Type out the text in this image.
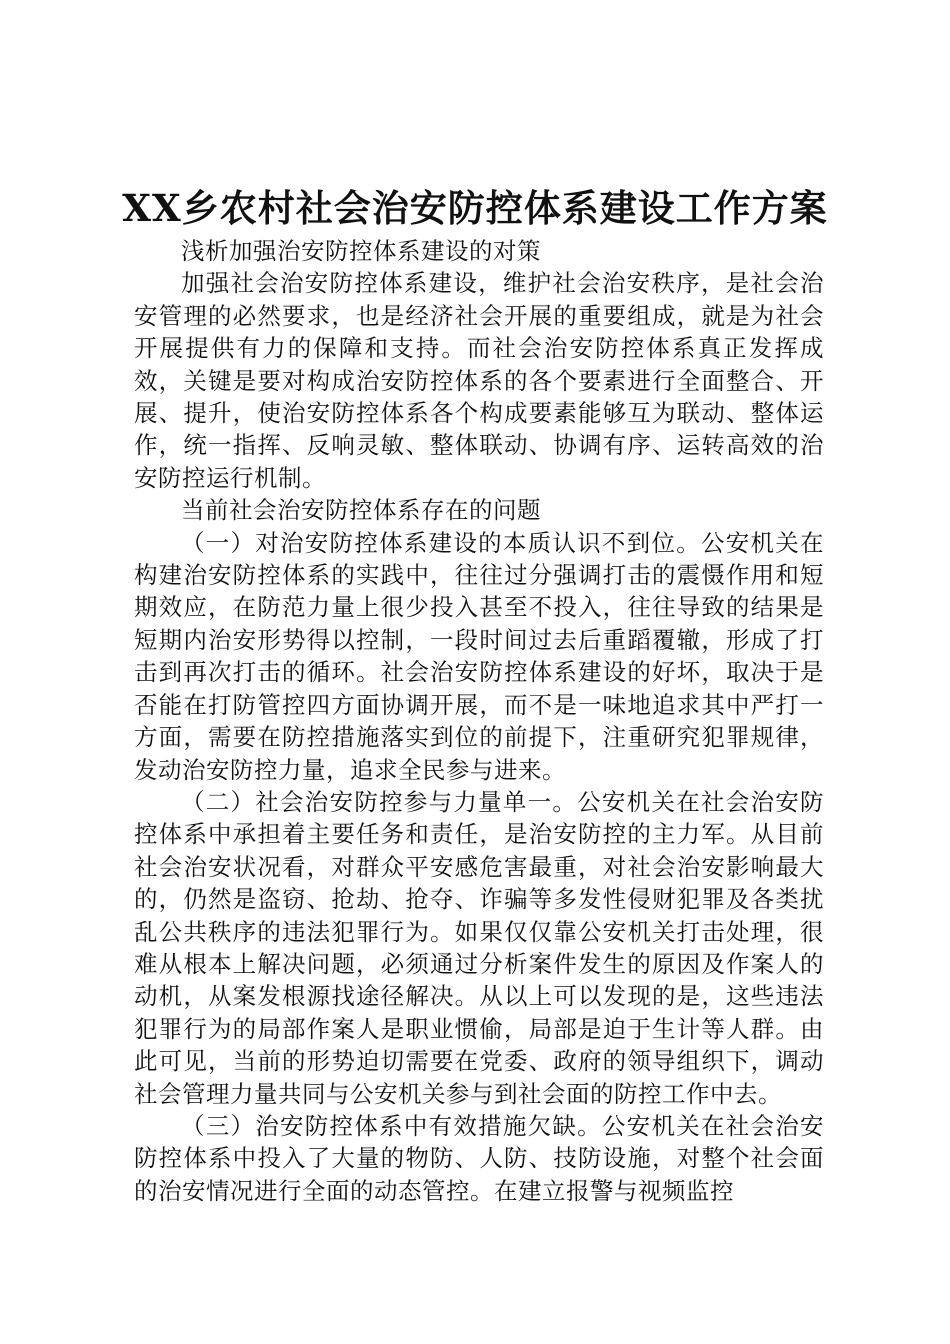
XX乡农村社会治安防控体系建设工作方案

浅析加强治安防控体系建设的对策

加强社会治安防控体系建设，维护社会治安秩序，是社会治安管理的必然要求，也是经济社会开展的重要组成，就是为社会开展提供有力的保障和支持。而社会治安防控体系真正发挥成效，关键是要对构成治安防控体系的各个要素进行全面整合、开展、提升，使治安防控体系各个构成要素能够互为联动、整体运作，统一指挥、反响灵敏、整体联动、协调有序、运转高效的治安防控运行机制。

当前社会治安防控体系存在的问题

（一）对治安防控体系建设的本质认识不到位。公安机关在构建治安防控体系的实践中，往往过分强调打击的震慑作用和短期效应，在防范力量上很少投入甚至不投入，往往导致的结果是短期内治安形势得以控制，一段时间过去后重蹈覆辙，形成了打击到再次打击的循环。社会治安防控体系建设的好坏，取决于是否能在打防管控四方面协调开展，而不是一味地追求其中严打一方面，需要在防控措施落实到位的前提下，注重研究犯罪规律，发动治安防控力量，追求全民参与进来。

（二）社会治安防控参与力量单一。公安机关在社会治安防控体系中承担着主要任务和责任，是治安防控的主力军。从目前社会治安状况看，对群众平安感危害最重，对社会治安影响最大的，仍然是盗窃、抢劫、抢夺、诈骗等多发性侵财犯罪及各类扰乱公共秩序的违法犯罪行为。如果仅仅靠公安机关打击处理，很难从根本上解决问题，必须通过分析案件发生的原因及作案人的动机，从案发根源找途径解决。从以上可以发现的是，这些违法犯罪行为的局部作案人是职业惯偷，局部是迫于生计等人群。由此可见，当前的形势迫切需要在党委、政府的领导组织下，调动社会管理力量共同与公安机关参与到社会面的防控工作中去。

（三）治安防控体系中有效措施欠缺。公安机关在社会治安防控体系中投入了大量的物防、人防、技防设施，对整个社会面的治安情况进行全面的动态管控。在建立报警与视频监控
